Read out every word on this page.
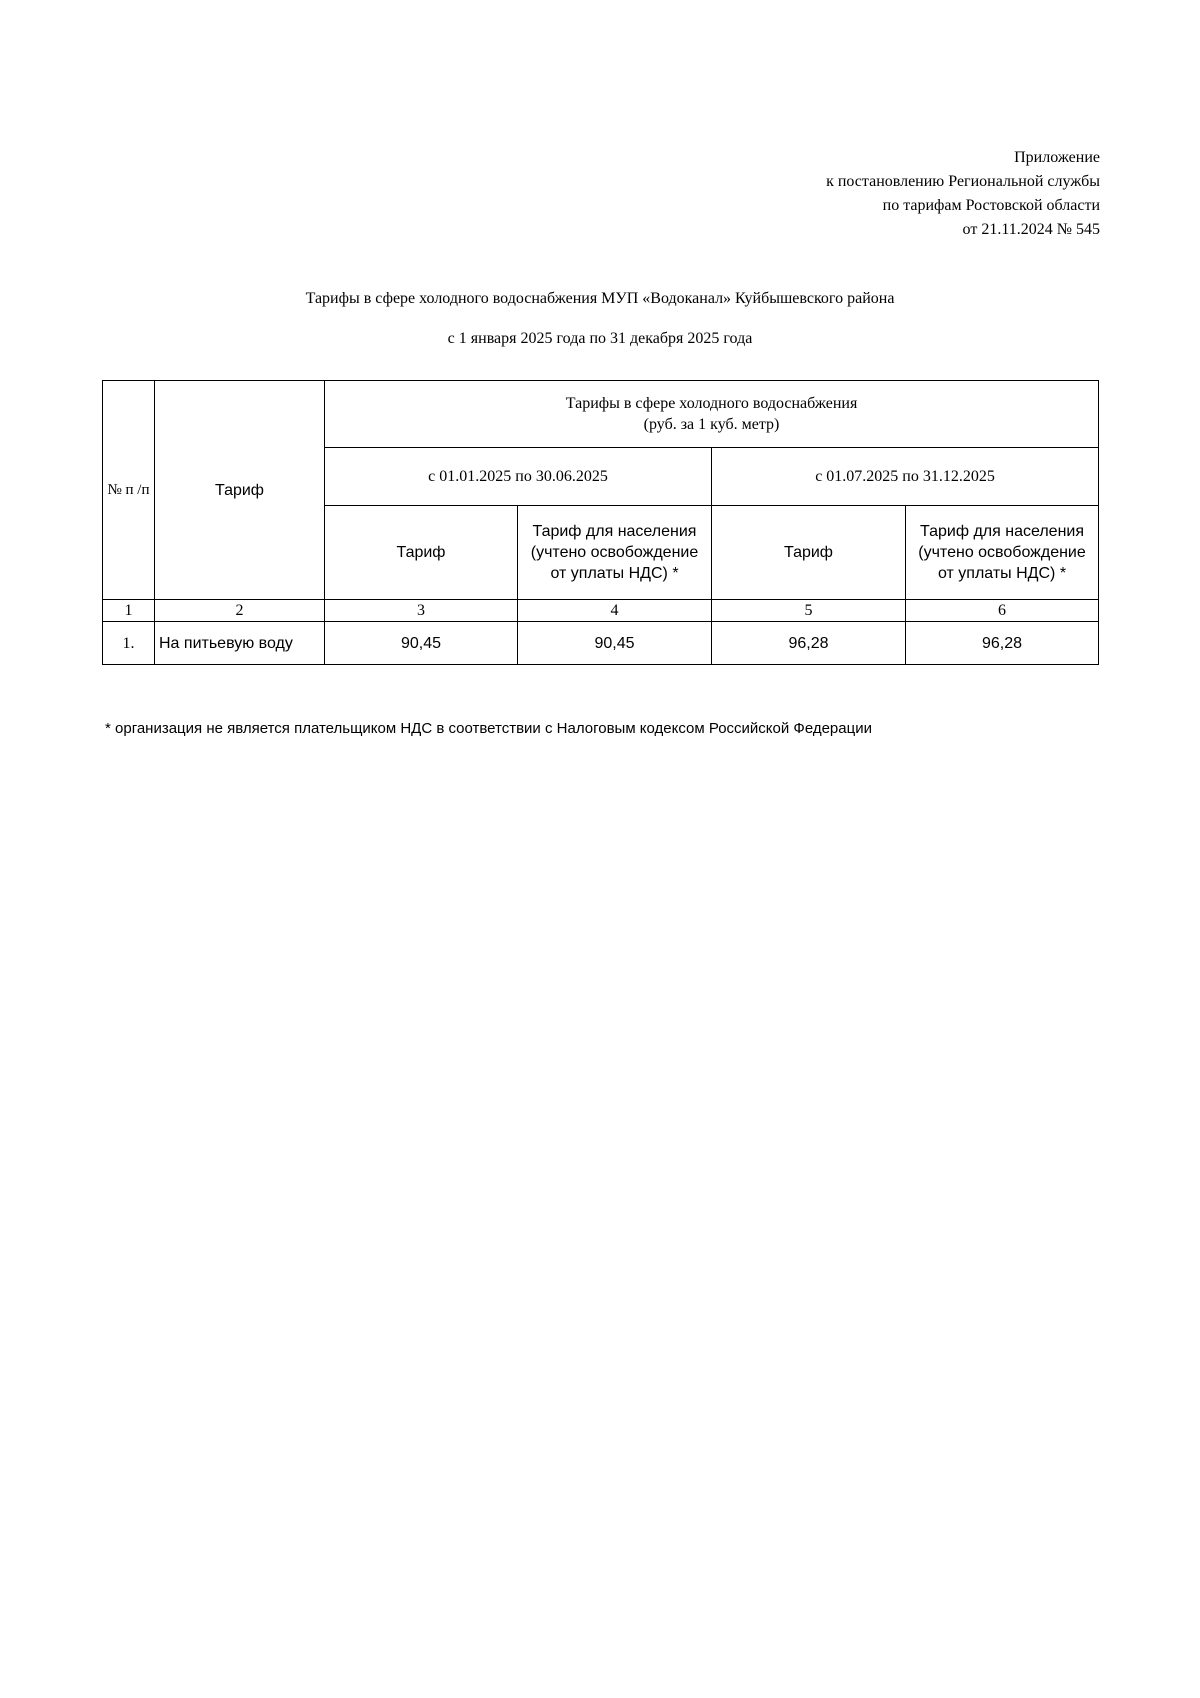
Приложение
к постановлению Региональной службы
по тарифам Ростовской области
от 21.11.2024 № 545
Тарифы в сфере холодного водоснабжения МУП «Водоканал» Куйбышевского района
с 1 января 2025 года по 31 декабря 2025 года
№ п /п	Тариф	Тарифы в сфере холодного водоснабжения
(руб. за 1 куб. метр)			

		с 01.01.2025 по 30.06.2025		с 01.07.2025 по 31.12.2025	
		Тариф	Тариф для населения (учтено освобождение от уплаты НДС) *	Тариф	Тариф для населения (учтено освобождение от уплаты НДС) *
1	2	3	4	5	6
1.	На питьевую воду	90,45	90,45	96,28	96,28
* организация не является плательщиком НДС в соответствии с Налоговым кодексом Российской Федерации
